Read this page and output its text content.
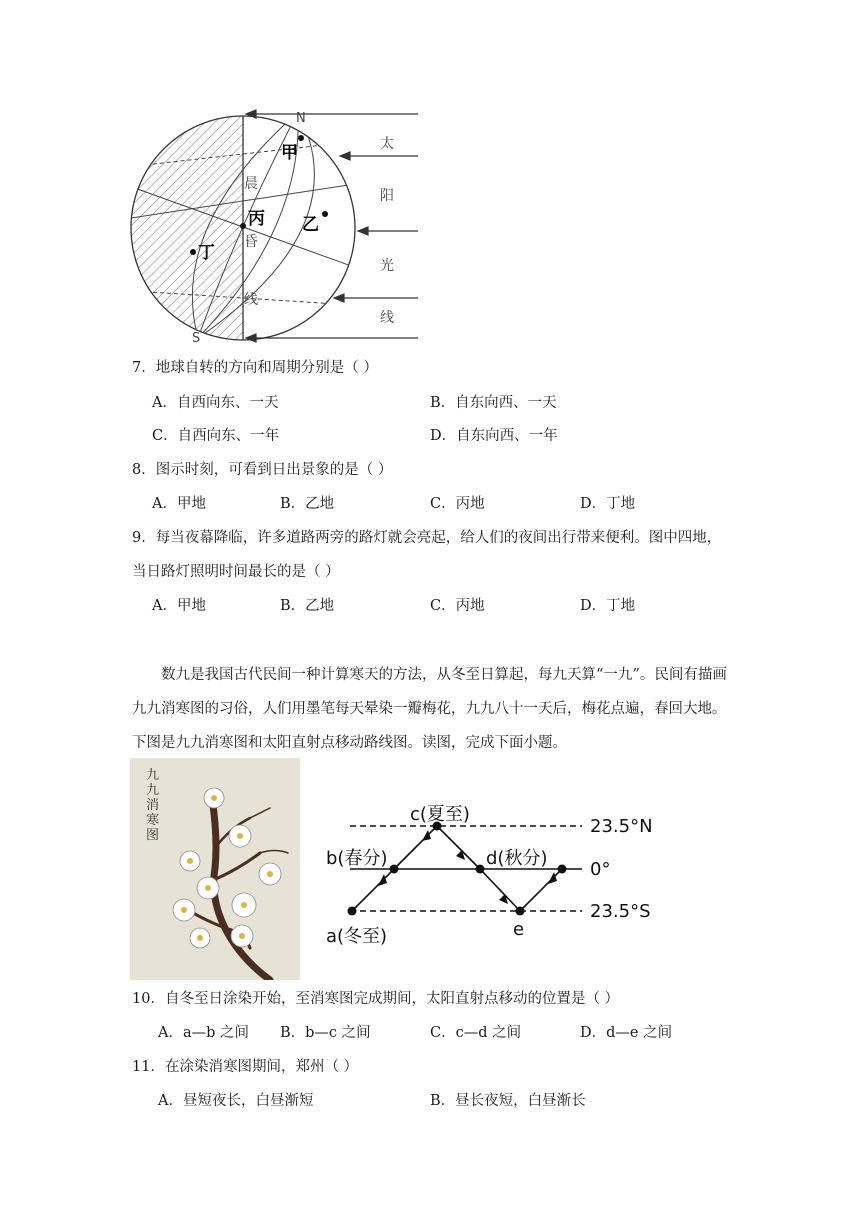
N
S
甲
乙
丙
丁
晨
昏
线
太
阳
光
线
7．地球自转的方向和周期分别是（ ）
A．自西向东、一天	B．自东向西、一天
C．自西向东、一年	D．自东向西、一年
8．图示时刻，可看到日出景象的是（ ）
A．甲地	B．乙地	C．丙地	D．丁地
9．每当夜幕降临，许多道路两旁的路灯就会亮起，给人们的夜间出行带来便利。图中四地，
当日路灯照明时间最长的是（ ）
A．甲地	B．乙地	C．丙地	D．丁地
数九是我国古代民间一种计算寒天的方法，从冬至日算起，每九天算“一九”。民间有描画九九消寒图的习俗，人们用墨笔每天晕染一瓣梅花，九九八十一天后，梅花点遍，春回大地。下图是九九消寒图和太阳直射点移动路线图。读图，完成下面小题。
九
九
消
寒
图
c(夏至)
b(春分)	d(秋分)
a(冬至)	e
23.5°N
0°
23.5°S
10．自冬至日涂染开始，至消寒图完成期间，太阳直射点移动的位置是（ ）
A．a—b 之间 B．b—c 之间	C．c—d 之间	D．d—e 之间
11．在涂染消寒图期间，郑州（ ）
A．昼短夜长，白昼渐短	B．昼长夜短，白昼渐长
